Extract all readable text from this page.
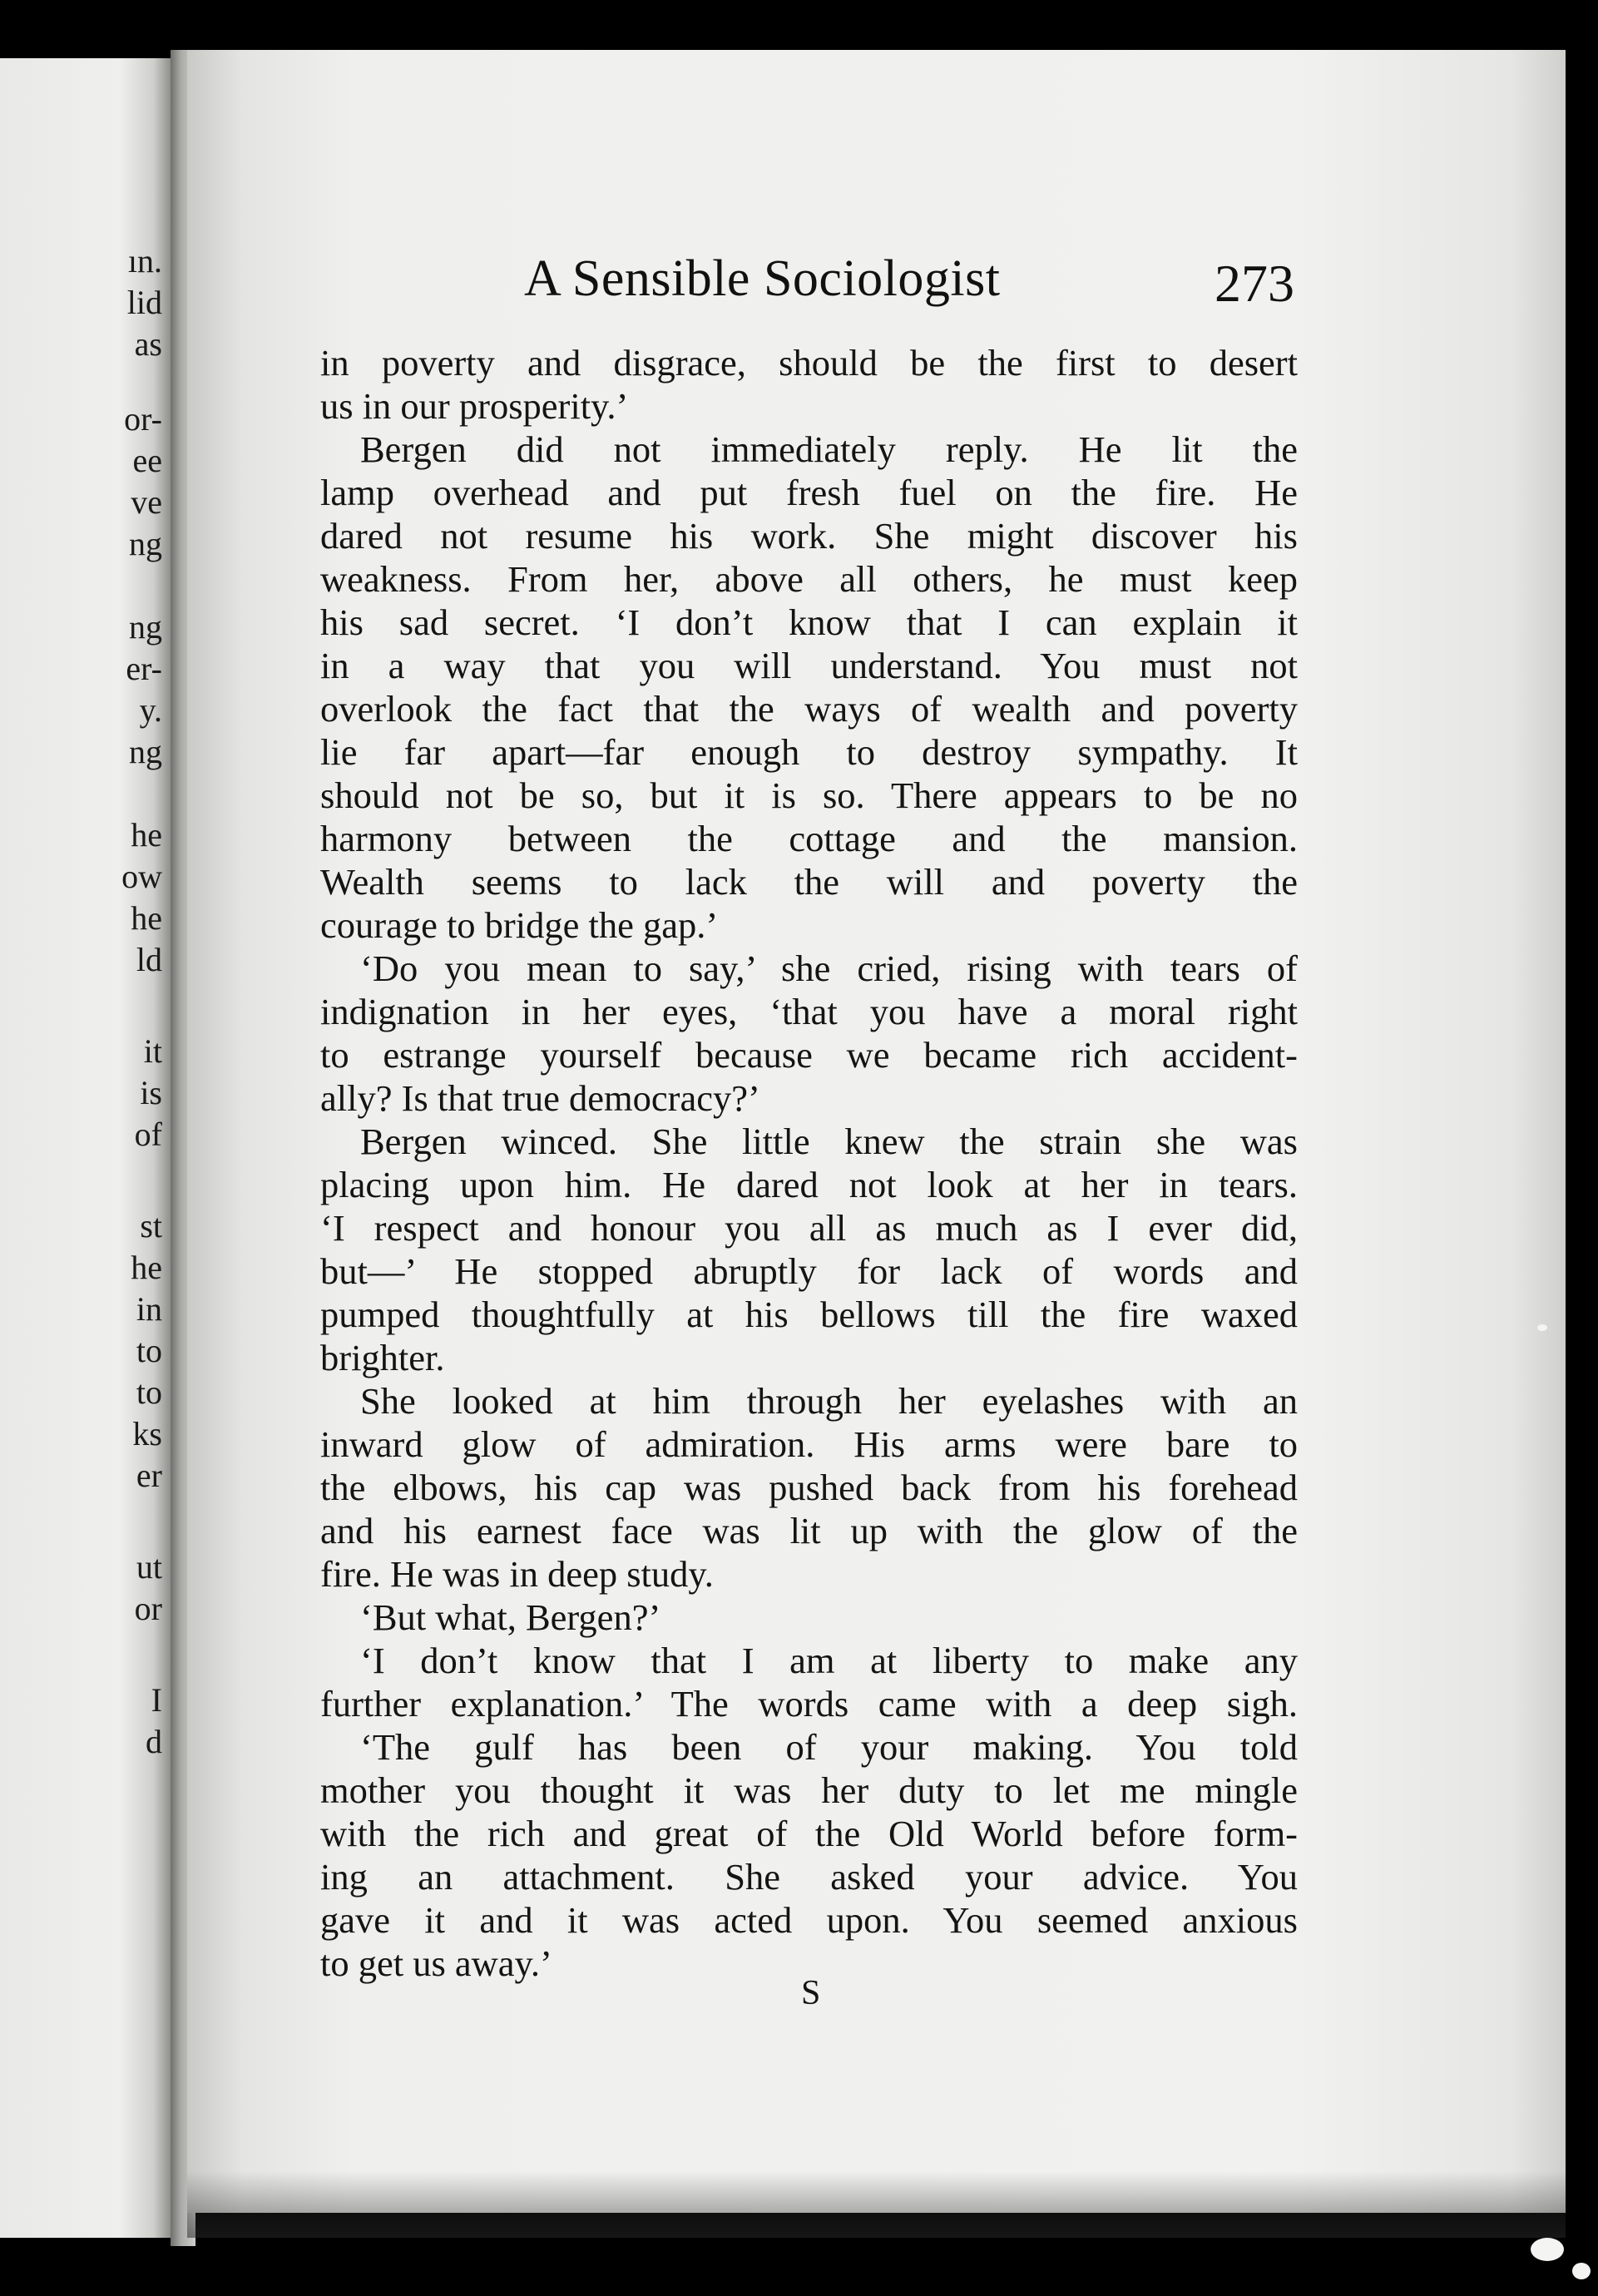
ın.
lid
as
or-
ee
ve
ng
ng
er-
y.
ng
he
ow
he
ld
it
is
of
st
he
in
to
to
ks
er
ut
or
I
d
A Sensible Sociologist	273
in poverty and disgrace, should be the first to desert
us in our prosperity.’
Bergen did not immediately reply. He lit the
lamp overhead and put fresh fuel on the fire. He
dared not resume his work. She might discover his
weakness. From her, above all others, he must keep
his sad secret. ‘I don’t know that I can explain it
in a way that you will understand. You must not
overlook the fact that the ways of wealth and poverty
lie far apart—far enough to destroy sympathy. It
should not be so, but it is so. There appears to be no
harmony between the cottage and the mansion.
Wealth seems to lack the will and poverty the
courage to bridge the gap.’
‘Do you mean to say,’ she cried, rising with tears of
indignation in her eyes, ‘that you have a moral right
to estrange yourself because we became rich accident-
ally? Is that true democracy?’
Bergen winced. She little knew the strain she was
placing upon him. He dared not look at her in tears.
‘I respect and honour you all as much as I ever did,
but—’ He stopped abruptly for lack of words and
pumped thoughtfully at his bellows till the fire waxed
brighter.
She looked at him through her eyelashes with an
inward glow of admiration. His arms were bare to
the elbows, his cap was pushed back from his forehead
and his earnest face was lit up with the glow of the
fire. He was in deep study.
‘But what, Bergen?’
‘I don’t know that I am at liberty to make any
further explanation.’ The words came with a deep sigh.
‘The gulf has been of your making. You told
mother you thought it was her duty to let me mingle
with the rich and great of the Old World before form-
ing an attachment. She asked your advice. You
gave it and it was acted upon. You seemed anxious
to get us away.’
S
